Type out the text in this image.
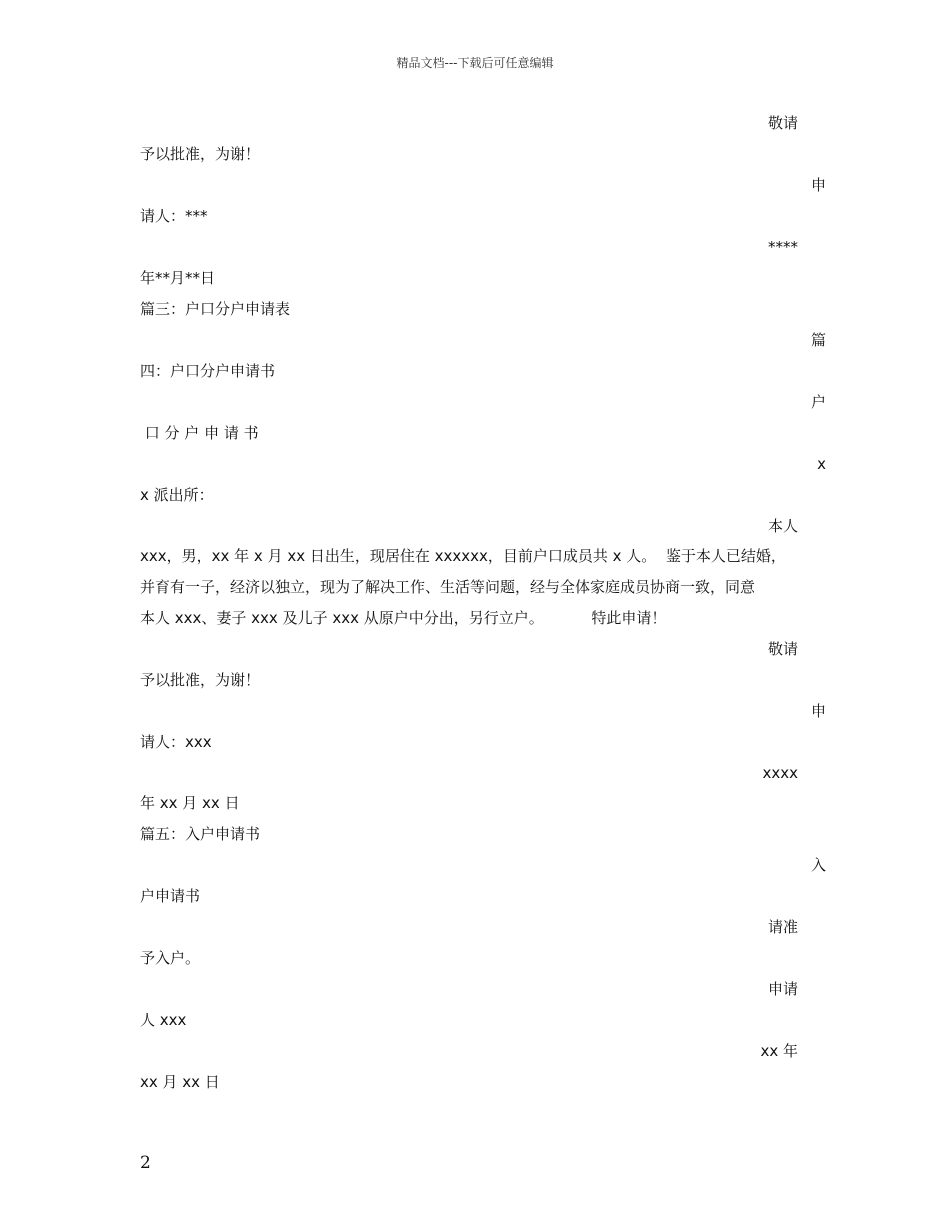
精品文档---下载后可任意编辑
敬请
予以批准，为谢！
申
请人：***
****
年**月**日
篇三：户口分户申请表
篇
四：户口分户申请书
户
口 分 户 申 请 书
x
x 派出所：
本人
xxx，男，xx 年 x 月 xx 日出生，现居住在 xxxxxx，目前户口成员共 x 人。  鉴于本人已结婚，
并育有一子，经济以独立，现为了解决工作、生活等问题，经与全体家庭成员协商一致，同意
本人 xxx、妻子 xxx 及儿子 xxx 从原户中分出，另行立户。          特此申请！
敬请
予以批准，为谢！
申
请人：xxx
xxxx
年 xx 月 xx 日
篇五：入户申请书
入
户申请书
请准
予入户。
申请
人 xxx
xx 年
xx 月 xx 日
2
